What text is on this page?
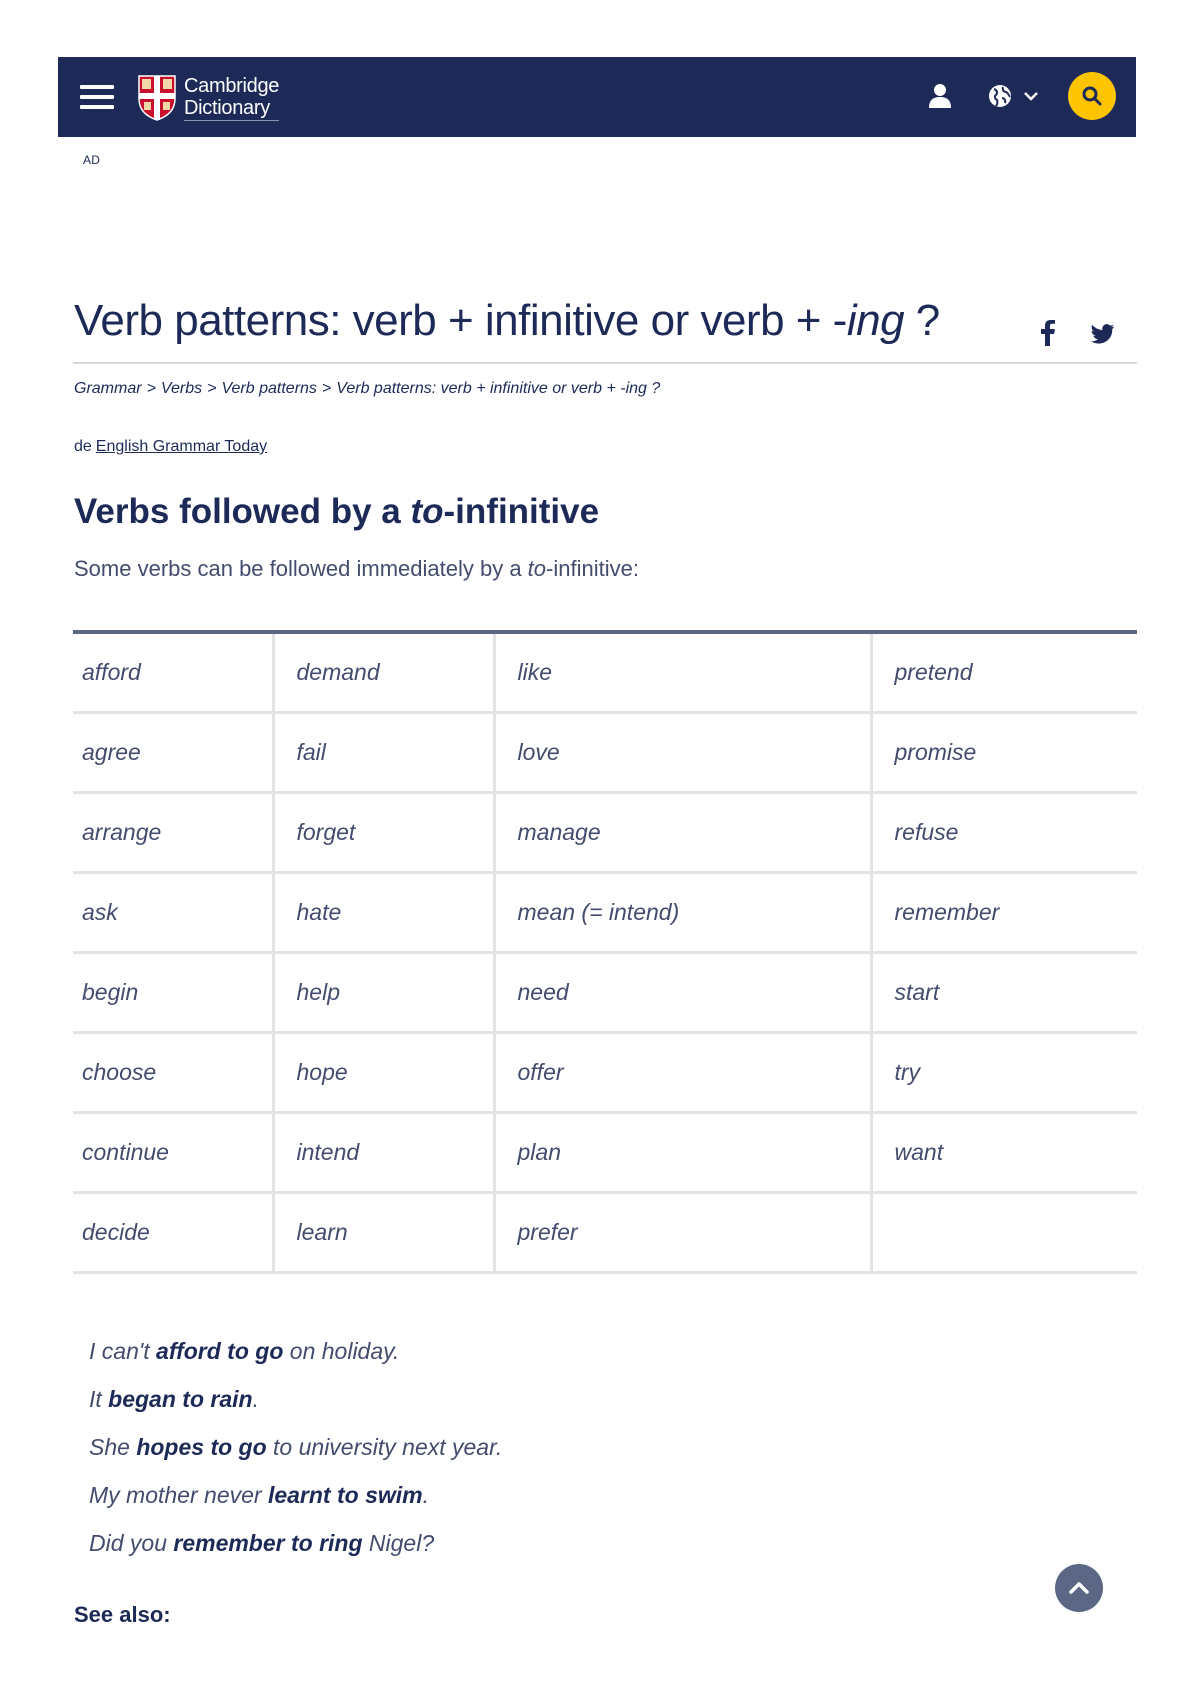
Cambridge
Dictionary
AD
Verb patterns: verb + infinitive or verb + -ing ?
Grammar > Verbs > Verb patterns > Verb patterns: verb + infinitive or verb + -ing ?
de English Grammar Today
Verbs followed by a to-infinitive

Some verbs can be followed immediately by a to-infinitive:

afford	demand	like	pretend
agree	fail	love	promise
arrange	forget	manage	refuse
ask	hate	mean (= intend)	remember
begin	help	need	start
choose	hope	offer	try
continue	intend	plan	want
decide	learn	prefer	

I can't afford to go on holiday.

It began to rain.

She hopes to go to university next year.

My mother never learnt to swim.

Did you remember to ring Nigel?

See also:
